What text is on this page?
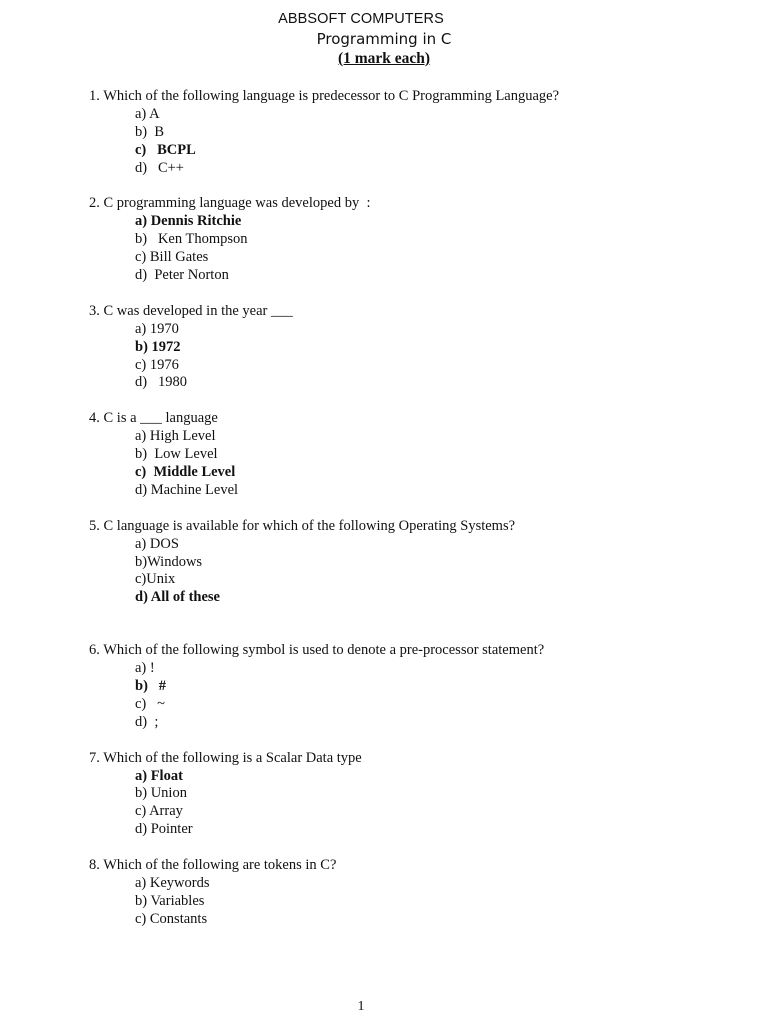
ABBSOFT COMPUTERS
Programming in C
(1 mark each)
1. Which of the following language is predecessor to C Programming Language?
a) A
b)  B
c)   BCPL
d)   C++
2. C programming language was developed by  :
a) Dennis Ritchie
b)   Ken Thompson
c) Bill Gates
d)  Peter Norton
3. C was developed in the year ___
a) 1970
b) 1972
c) 1976
d)   1980
4. C is a ___ language
a) High Level
b)  Low Level
c)  Middle Level
d) Machine Level
5. C language is available for which of the following Operating Systems?
a) DOS
b)Windows
c)Unix
d) All of these
6. Which of the following symbol is used to denote a pre-processor statement?
a) !
b)   #
c)   ~
d)  ;
7. Which of the following is a Scalar Data type
a) Float
b) Union
c) Array
d) Pointer
8. Which of the following are tokens in C?
a) Keywords
b) Variables
c) Constants
1
